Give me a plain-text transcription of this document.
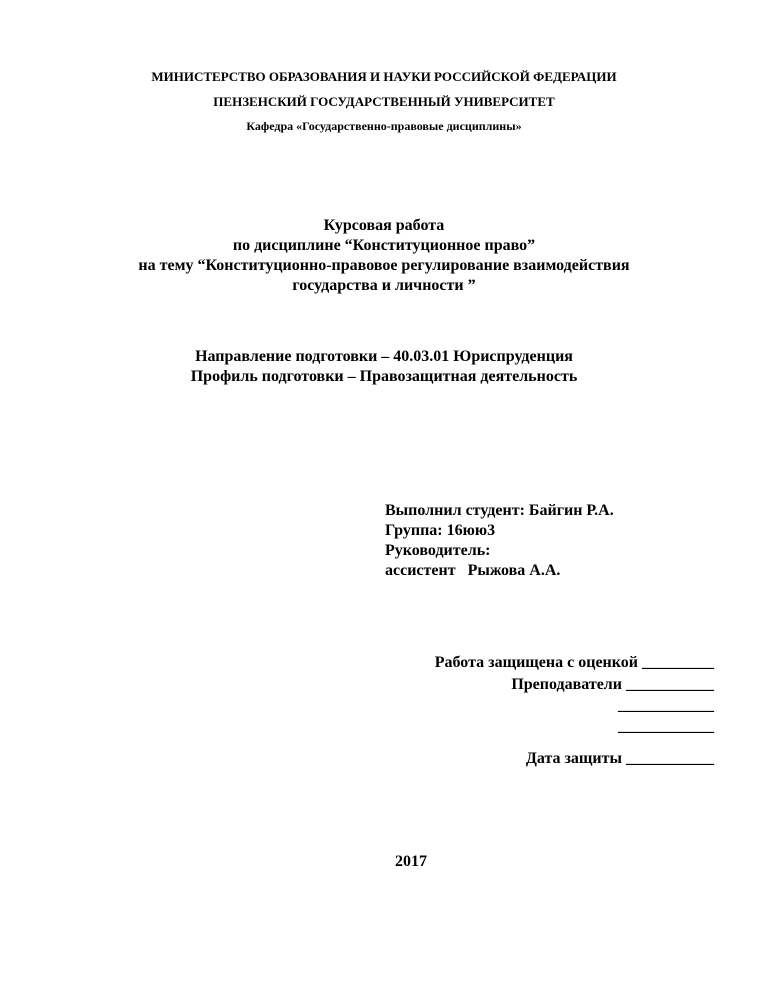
МИНИСТЕРСТВО ОБРАЗОВАНИЯ И НАУКИ РОССИЙСКОЙ ФЕДЕРАЦИИ

ПЕНЗЕНСКИЙ ГОСУДАРСТВЕННЫЙ УНИВЕРСИТЕТ

Кафедра «Государственно-правовые дисциплины»

Курсовая работа

по дисциплине “Конституционное право”

на тему “Конституционно-правовое регулирование взаимодействия

государства и личности ”

Направление подготовки – 40.03.01 Юриспруденция

Профиль подготовки – Правозащитная деятельность

Выполнил студент: Байгин Р.А.

Группа: 16юю3

Руководитель:

ассистент   Рыжова А.А.

Работа защищена с оценкой _________

Преподаватели ___________

____________

____________

Дата защиты ___________

2017
